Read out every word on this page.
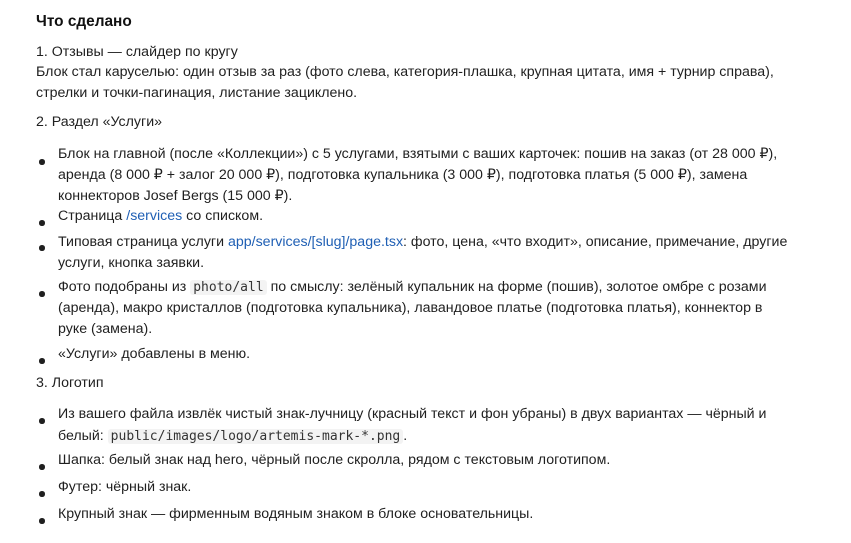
Что сделано
1. Отзывы — слайдер по кругу
Блок стал каруселью: один отзыв за раз (фото слева, категория-плашка, крупная цитата, имя + турнир справа),
стрелки и точки-пагинация, листание зациклено.
2. Раздел «Услуги»
Блок на главной (после «Коллекции») с 5 услугами, взятыми с ваших карточек: пошив на заказ (от 28 000 ₽),
аренда (8 000 ₽ + залог 20 000 ₽), подготовка купальника (3 000 ₽), подготовка платья (5 000 ₽), замена
коннекторов Josef Bergs (15 000 ₽).
Страница /services со списком.
Типовая страница услуги app/services/[slug]/page.tsx: фото, цена, «что входит», описание, примечание, другие
услуги, кнопка заявки.
Фото подобраны из photo/all по смыслу: зелёный купальник на форме (пошив), золотое омбре с розами
(аренда), макро кристаллов (подготовка купальника), лавандовое платье (подготовка платья), коннектор в
руке (замена).
«Услуги» добавлены в меню.
3. Логотип
Из вашего файла извлёк чистый знак-лучницу (красный текст и фон убраны) в двух вариантах — чёрный и
белый: public/images/logo/artemis-mark-*.png .
Шапка: белый знак над hero, чёрный после скролла, рядом с текстовым логотипом.
Футер: чёрный знак.
Крупный знак — фирменным водяным знаком в блоке основательницы.
